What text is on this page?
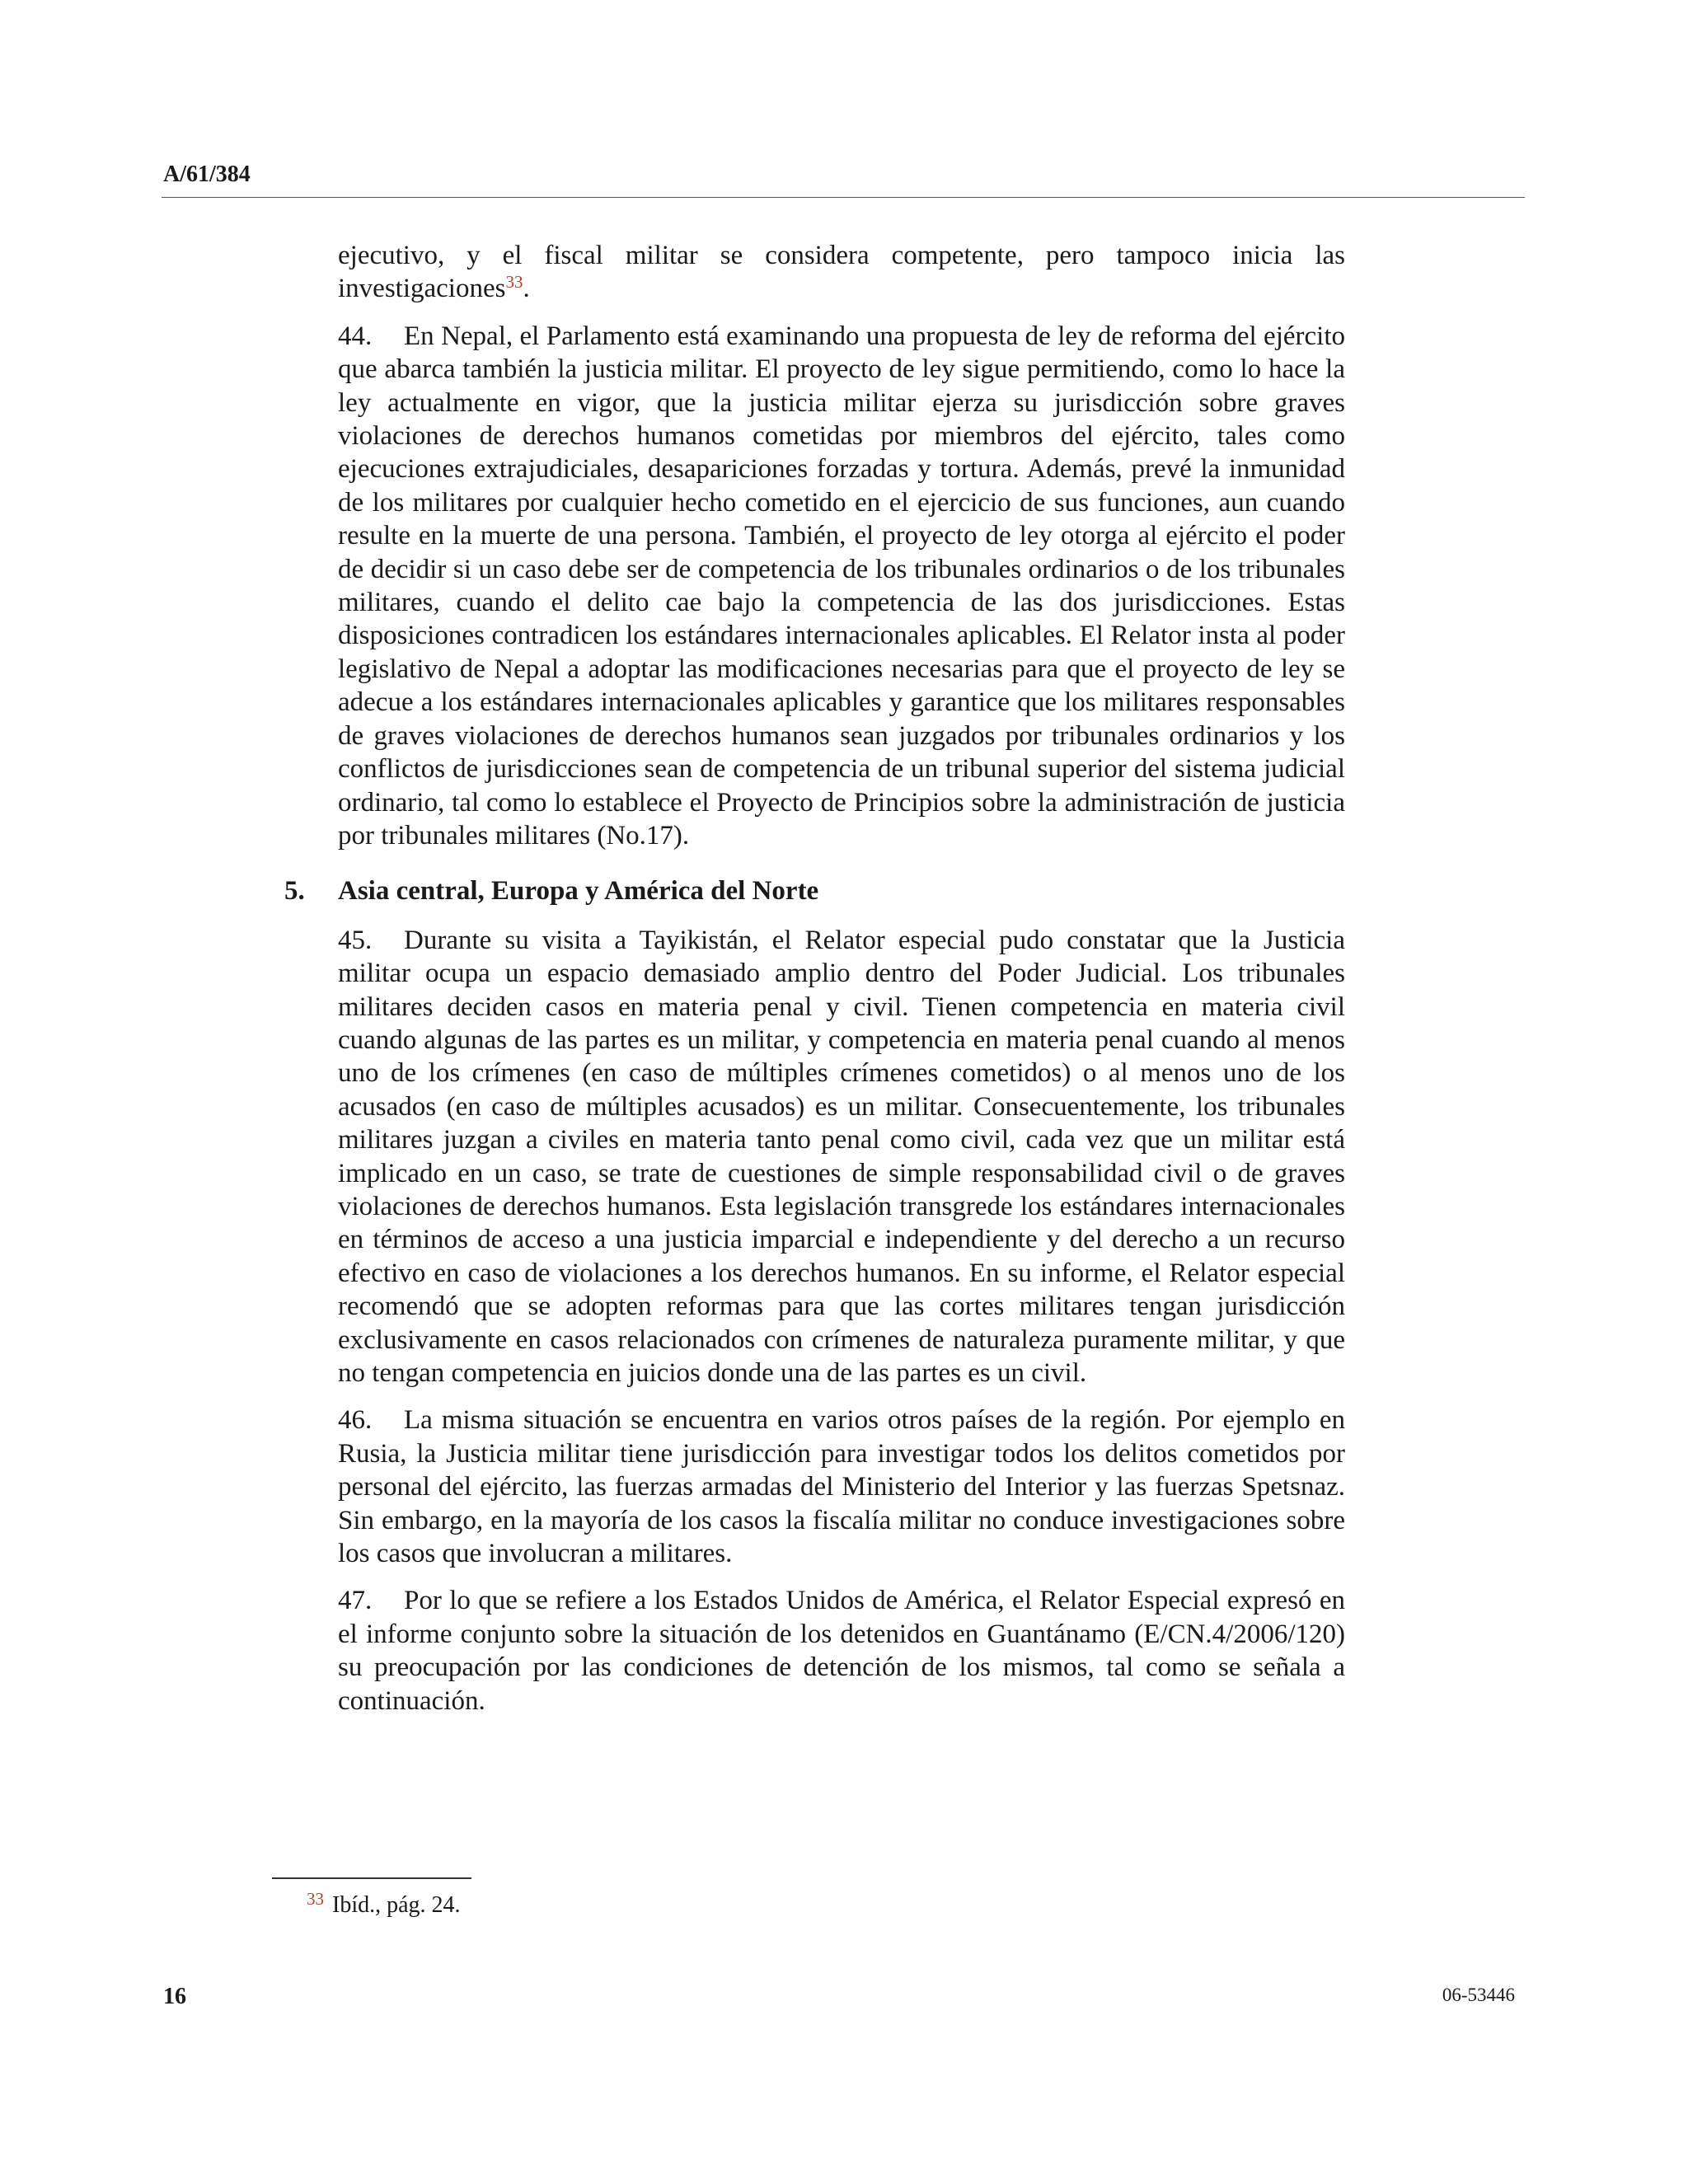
A/61/384

ejecutivo, y el fiscal militar se considera competente, pero tampoco inicia las investigaciones$^{33}$.

44. En Nepal, el Parlamento está examinando una propuesta de ley de reforma del ejército que abarca también la justicia militar. El proyecto de ley sigue permitiendo, como lo hace la ley actualmente en vigor, que la justicia militar ejerza su jurisdicción sobre graves violaciones de derechos humanos cometidas por miembros del ejército, tales como ejecuciones extrajudiciales, desapariciones forzadas y tortura. Además, prevé la inmunidad de los militares por cualquier hecho cometido en el ejercicio de sus funciones, aun cuando resulte en la muerte de una persona. También, el proyecto de ley otorga al ejército el poder de decidir si un caso debe ser de competencia de los tribunales ordinarios o de los tribunales militares, cuando el delito cae bajo la competencia de las dos jurisdicciones. Estas disposiciones contradicen los estándares internacionales aplicables. El Relator insta al poder legislativo de Nepal a adoptar las modificaciones necesarias para que el proyecto de ley se adecue a los estándares internacionales aplicables y garantice que los militares responsables de graves violaciones de derechos humanos sean juzgados por tribunales ordinarios y los conflictos de jurisdicciones sean de competencia de un tribunal superior del sistema judicial ordinario, tal como lo establece el Proyecto de Principios sobre la administración de justicia por tribunales militares (No.17).

5. Asia central, Europa y América del Norte

45. Durante su visita a Tayikistán, el Relator especial pudo constatar que la Justicia militar ocupa un espacio demasiado amplio dentro del Poder Judicial. Los tribunales militares deciden casos en materia penal y civil. Tienen competencia en materia civil cuando algunas de las partes es un militar, y competencia en materia penal cuando al menos uno de los crímenes (en caso de múltiples crímenes cometidos) o al menos uno de los acusados (en caso de múltiples acusados) es un militar. Consecuentemente, los tribunales militares juzgan a civiles en materia tanto penal como civil, cada vez que un militar está implicado en un caso, se trate de cuestiones de simple responsabilidad civil o de graves violaciones de derechos humanos. Esta legislación transgrede los estándares internacionales en términos de acceso a una justicia imparcial e independiente y del derecho a un recurso efectivo en caso de violaciones a los derechos humanos. En su informe, el Relator especial recomendó que se adopten reformas para que las cortes militares tengan jurisdicción exclusivamente en casos relacionados con crímenes de naturaleza puramente militar, y que no tengan competencia en juicios donde una de las partes es un civil.

46. La misma situación se encuentra en varios otros países de la región. Por ejemplo en Rusia, la Justicia militar tiene jurisdicción para investigar todos los delitos cometidos por personal del ejército, las fuerzas armadas del Ministerio del Interior y las fuerzas Spetsnaz. Sin embargo, en la mayoría de los casos la fiscalía militar no conduce investigaciones sobre los casos que involucran a militares.

47. Por lo que se refiere a los Estados Unidos de América, el Relator Especial expresó en el informe conjunto sobre la situación de los detenidos en Guantánamo (E/CN.4/2006/120) su preocupación por las condiciones de detención de los mismos, tal como se señala a continuación.

$^{33}$ Ibíd., pág. 24.
16	06-53446
